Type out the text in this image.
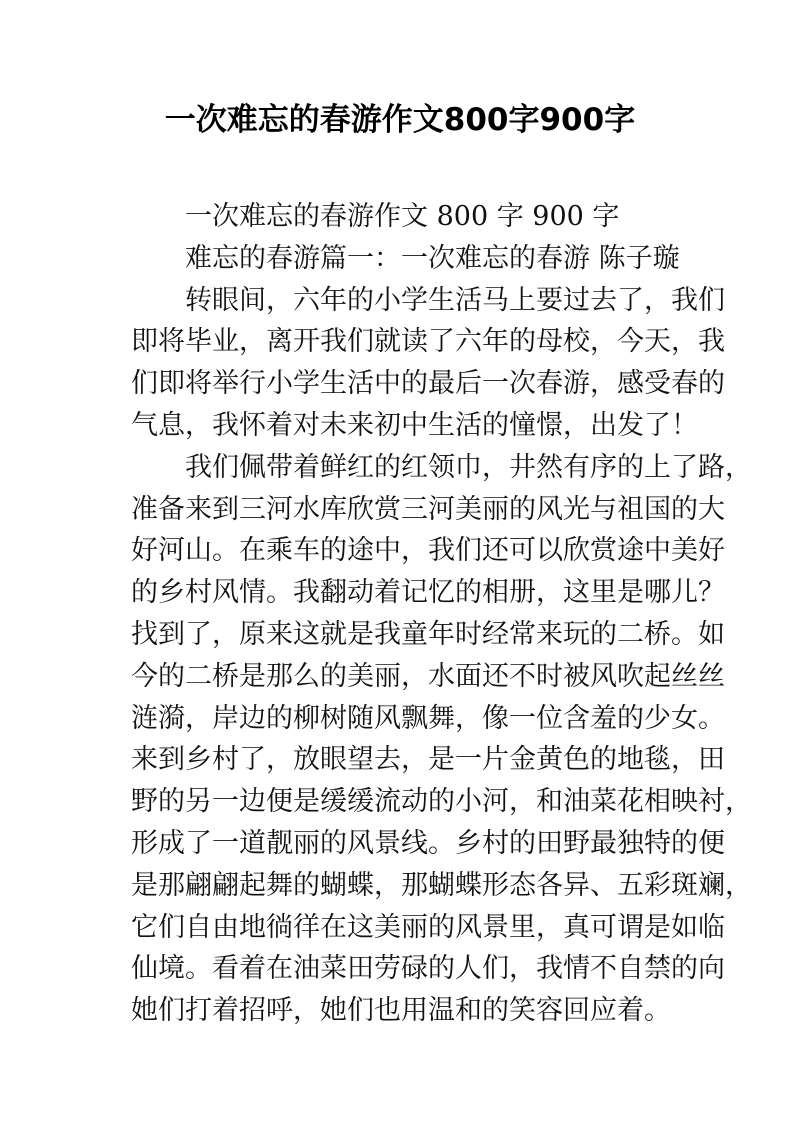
一次难忘的春游作文800字900字
一次难忘的春游作文 800 字 900 字
难忘的春游篇一：一次难忘的春游 陈子璇
转眼间，六年的小学生活马上要过去了，我们
即将毕业，离开我们就读了六年的母校，今天，我
们即将举行小学生活中的最后一次春游，感受春的
气息，我怀着对未来初中生活的憧憬，出发了！
我们佩带着鲜红的红领巾，井然有序的上了路，
准备来到三河水库欣赏三河美丽的风光与祖国的大
好河山。在乘车的途中，我们还可以欣赏途中美好
的乡村风情。我翻动着记忆的相册，这里是哪儿？
找到了，原来这就是我童年时经常来玩的二桥。如
今的二桥是那么的美丽，水面还不时被风吹起丝丝
涟漪，岸边的柳树随风飘舞，像一位含羞的少女。
来到乡村了，放眼望去，是一片金黄色的地毯，田
野的另一边便是缓缓流动的小河，和油菜花相映衬，
形成了一道靓丽的风景线。乡村的田野最独特的便
是那翩翩起舞的蝴蝶，那蝴蝶形态各异、五彩斑斓，
它们自由地徜徉在这美丽的风景里，真可谓是如临
仙境。看着在油菜田劳碌的人们，我情不自禁的向
她们打着招呼，她们也用温和的笑容回应着。
